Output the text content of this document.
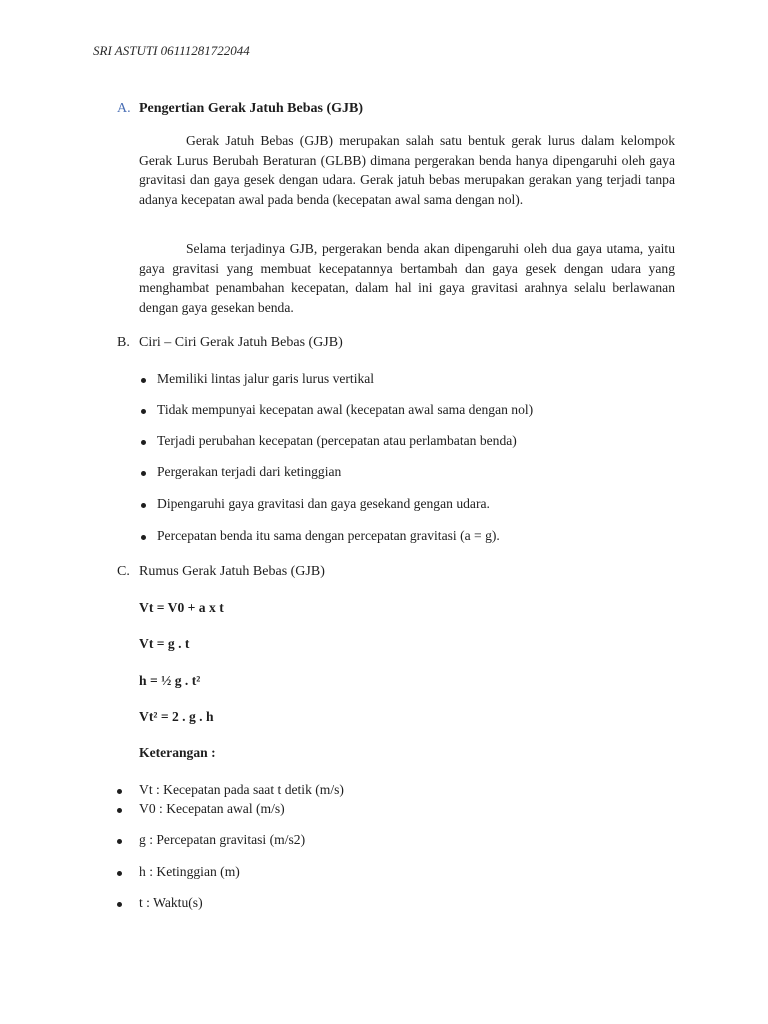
SRI ASTUTI 06111281722044
A. Pengertian Gerak Jatuh Bebas (GJB)

Gerak Jatuh Bebas (GJB) merupakan salah satu bentuk gerak lurus dalam kelompok Gerak Lurus Berubah Beraturan (GLBB) dimana pergerakan benda hanya dipengaruhi oleh gaya gravitasi dan gaya gesek dengan udara. Gerak jatuh bebas merupakan gerakan yang terjadi tanpa adanya kecepatan awal pada benda (kecepatan awal sama dengan nol).

Selama terjadinya GJB, pergerakan benda akan dipengaruhi oleh dua gaya utama, yaitu gaya gravitasi yang membuat kecepatannya bertambah dan gaya gesek dengan udara yang menghambat penambahan kecepatan, dalam hal ini gaya gravitasi arahnya selalu berlawanan dengan gaya gesekan benda.

B. Ciri – Ciri Gerak Jatuh Bebas (GJB)
Memiliki lintas jalur garis lurus vertikal
Tidak mempunyai kecepatan awal (kecepatan awal sama dengan nol)
Terjadi perubahan kecepatan (percepatan atau perlambatan benda)
Pergerakan terjadi dari ketinggian
Dipengaruhi gaya gravitasi dan gaya gesekand gengan udara.
Percepatan benda itu sama dengan percepatan gravitasi (a = g).
C. Rumus Gerak Jatuh Bebas (GJB)
Vt = V0 + a x t
Vt = g . t
h = ½ g . t²
Vt² = 2 . g . h
Keterangan :
Vt : Kecepatan pada saat t detik (m/s)
V0 : Kecepatan awal (m/s)
g : Percepatan gravitasi (m/s2)
h : Ketinggian (m)
t : Waktu(s)
